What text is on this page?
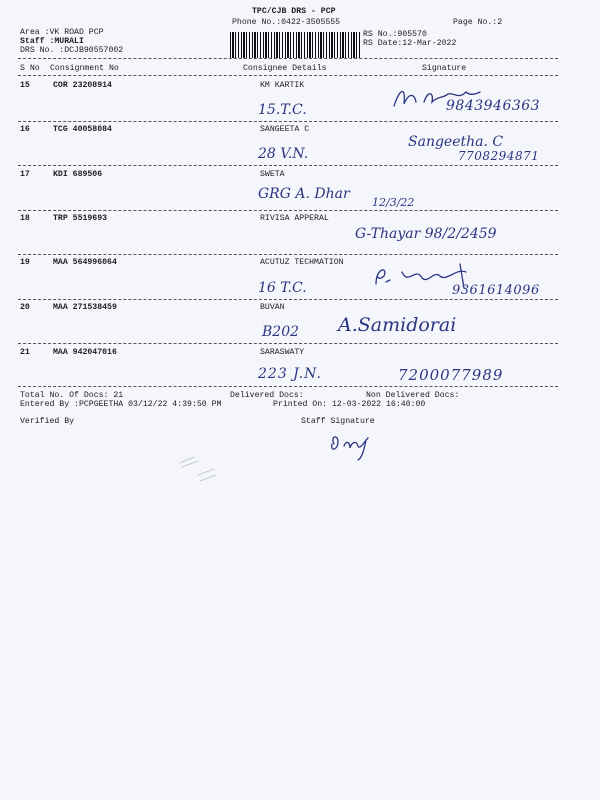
TPC/CJB DRS - PCP
Phone No.:0422-3505555	Page No.:2
Area :VK ROAD PCP
Staff :MURALI
DRS No. :DCJB90557002
RS No.:905570
RS Date:12-Mar-2022
S No Consignment No	Consignee Details	Signature
15	COR 23208914	KM KARTIK
15.T.C.	9843946363
16	TCG 40058084	SANGEETA C
Sangeetha. C
7708294871
28 V.N.
17	KDI 689506	SWETA
GRG A. Dhar
12/3/22
18	TRP 5519693	RIVISA APPERAL
G-Thayar 98/2/2459
19	MAA 564996064	ACUTUZ TECHMATION
16 T.C.	9361614096
20	MAA 271538459	BUVAN
B202 A.Samidorai
21	MAA 942047016	SARASWATY
223 J.N.	7200077989
Total No. Of Docs: 21	Delivered Docs:	Non Delivered Docs:
Entered By :PCPGEETHA 03/12/22 4:39:50 PM	Printed On: 12-03-2022 16:40:00
Verified By	Staff Signature
